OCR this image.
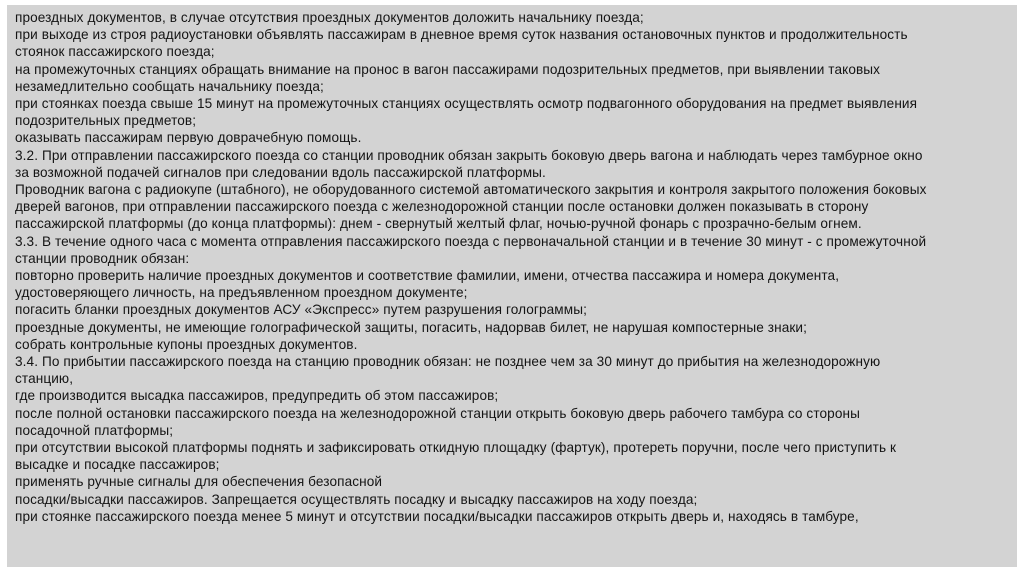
проездных документов, в случае отсутствия проездных документов доложить начальнику поезда;
при выходе из строя радиоустановки объявлять пассажирам в дневное время суток названия остановочных пунктов и продолжительность
стоянок пассажирского поезда;
на промежуточных станциях обращать внимание на пронос в вагон пассажирами подозрительных предметов, при выявлении таковых
незамедлительно сообщать начальнику поезда;
при стоянках поезда свыше 15 минут на промежуточных станциях осуществлять осмотр подвагонного оборудования на предмет выявления
подозрительных предметов;
оказывать пассажирам первую доврачебную помощь.
3.2. При отправлении пассажирского поезда со станции проводник обязан закрыть боковую дверь вагона и наблюдать через тамбурное окно
за возможной подачей сигналов при следовании вдоль пассажирской платформы.
Проводник вагона с радиокупе (штабного), не оборудованного системой автоматического закрытия и контроля закрытого положения боковых
дверей вагонов, при отправлении пассажирского поезда с железнодорожной станции после остановки должен показывать в сторону
пассажирской платформы (до конца платформы): днем - свернутый желтый флаг, ночью-ручной фонарь с прозрачно-белым огнем.
3.3. В течение одного часа с момента отправления пассажирского поезда с первоначальной станции и в течение 30 минут - с промежуточной
станции проводник обязан:
повторно проверить наличие проездных документов и соответствие фамилии, имени, отчества пассажира и номера документа,
удостоверяющего личность, на предъявленном проездном документе;
погасить бланки проездных документов АСУ «Экспресс» путем разрушения голограммы;
проездные документы, не имеющие голографической защиты, погасить, надорвав билет, не нарушая компостерные знаки;
собрать контрольные купоны проездных документов.
3.4. По прибытии пассажирского поезда на станцию проводник обязан: не позднее чем за 30 минут до прибытия на железнодорожную
станцию,
где производится высадка пассажиров, предупредить об этом пассажиров;
после полной остановки пассажирского поезда на железнодорожной станции открыть боковую дверь рабочего тамбура со стороны
посадочной платформы;
при отсутствии высокой платформы поднять и зафиксировать откидную площадку (фартук), протереть поручни, после чего приступить к
высадке и посадке пассажиров;
применять ручные сигналы для обеспечения безопасной
посадки/высадки пассажиров. Запрещается осуществлять посадку и высадку пассажиров на ходу поезда;
при стоянке пассажирского поезда менее 5 минут и отсутствии посадки/высадки пассажиров открыть дверь и, находясь в тамбуре,
